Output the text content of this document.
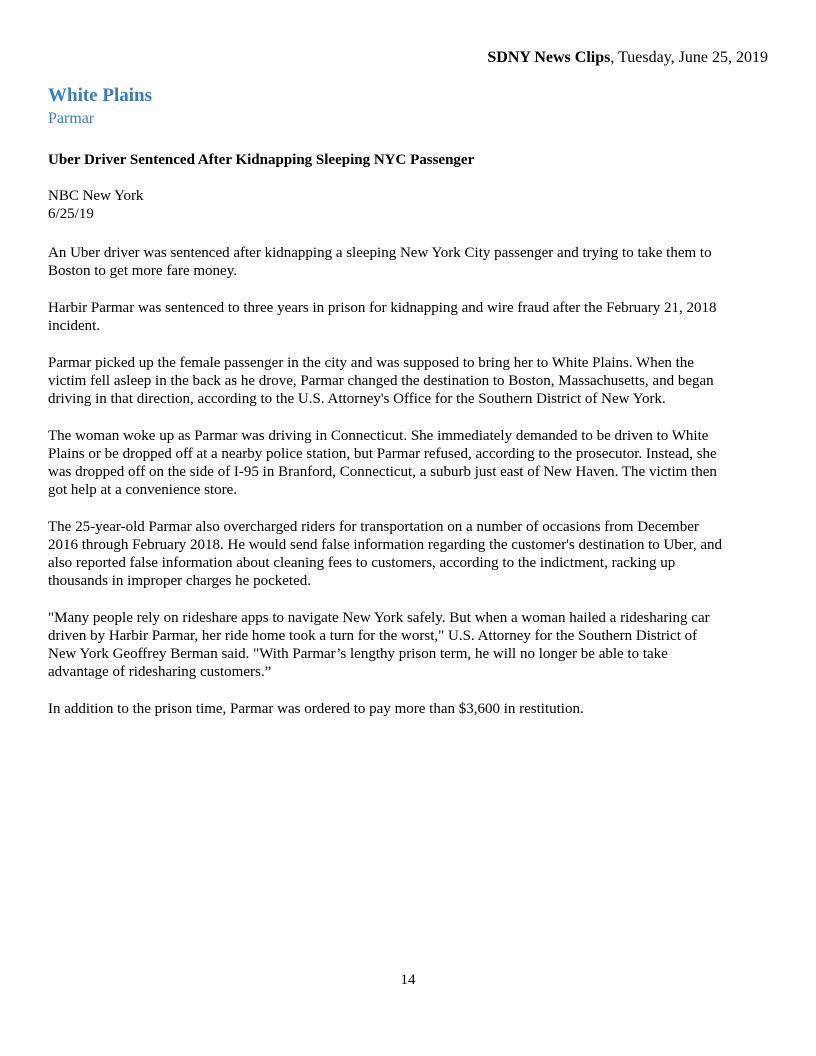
SDNY News Clips, Tuesday, June 25, 2019
White Plains
Parmar
Uber Driver Sentenced After Kidnapping Sleeping NYC Passenger
NBC New York
6/25/19
An Uber driver was sentenced after kidnapping a sleeping New York City passenger and trying to take them to
Boston to get more fare money.
Harbir Parmar was sentenced to three years in prison for kidnapping and wire fraud after the February 21, 2018
incident.
Parmar picked up the female passenger in the city and was supposed to bring her to White Plains. When the
victim fell asleep in the back as he drove, Parmar changed the destination to Boston, Massachusetts, and began
driving in that direction, according to the U.S. Attorney's Office for the Southern District of New York.
The woman woke up as Parmar was driving in Connecticut. She immediately demanded to be driven to White
Plains or be dropped off at a nearby police station, but Parmar refused, according to the prosecutor. Instead, she
was dropped off on the side of I-95 in Branford, Connecticut, a suburb just east of New Haven. The victim then
got help at a convenience store.
The 25-year-old Parmar also overcharged riders for transportation on a number of occasions from December
2016 through February 2018. He would send false information regarding the customer's destination to Uber, and
also reported false information about cleaning fees to customers, according to the indictment, racking up
thousands in improper charges he pocketed.
"Many people rely on rideshare apps to navigate New York safely. But when a woman hailed a ridesharing car
driven by Harbir Parmar, her ride home took a turn for the worst," U.S. Attorney for the Southern District of
New York Geoffrey Berman said. "With Parmar’s lengthy prison term, he will no longer be able to take
advantage of ridesharing customers.”
In addition to the prison time, Parmar was ordered to pay more than $3,600 in restitution.
14
